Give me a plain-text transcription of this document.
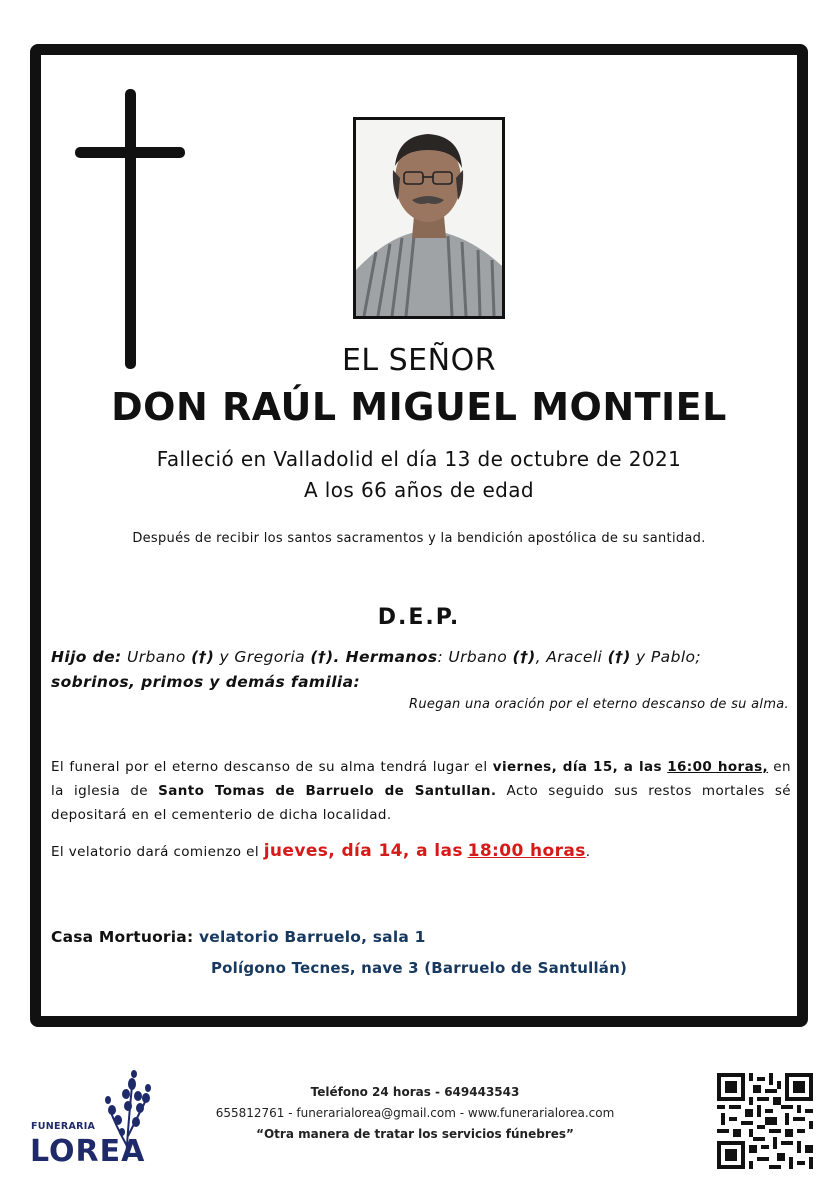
EL SEÑOR
DON RAÚL MIGUEL MONTIEL
Falleció en Valladolid el día 13 de octubre de 2021
A los 66 años de edad
Después de recibir los santos sacramentos y la bendición apostólica de su santidad.
D.E.P.
Hijo de: Urbano (†) y Gregoria (†). Hermanos: Urbano (†), Araceli (†) y Pablo;
sobrinos, primos y demás familia:
Ruegan una oración por el eterno descanso de su alma.
El funeral por el eterno descanso de su alma tendrá lugar el viernes, día 15, a las 16:00 horas, en la iglesia de Santo Tomas de Barruelo de Santullan. Acto seguido sus restos mortales sé depositará en el cementerio de dicha localidad.
El velatorio dará comienzo el jueves, día 14, a las 18:00 horas.
Casa Mortuoria: velatorio Barruelo, sala 1
Polígono Tecnes, nave 3 (Barruelo de Santullán)
FUNERARIA
LOREA
Teléfono 24 horas - 649443543
655812761 - funerarialorea@gmail.com - www.funerarialorea.com
“Otra manera de tratar los servicios fúnebres”
